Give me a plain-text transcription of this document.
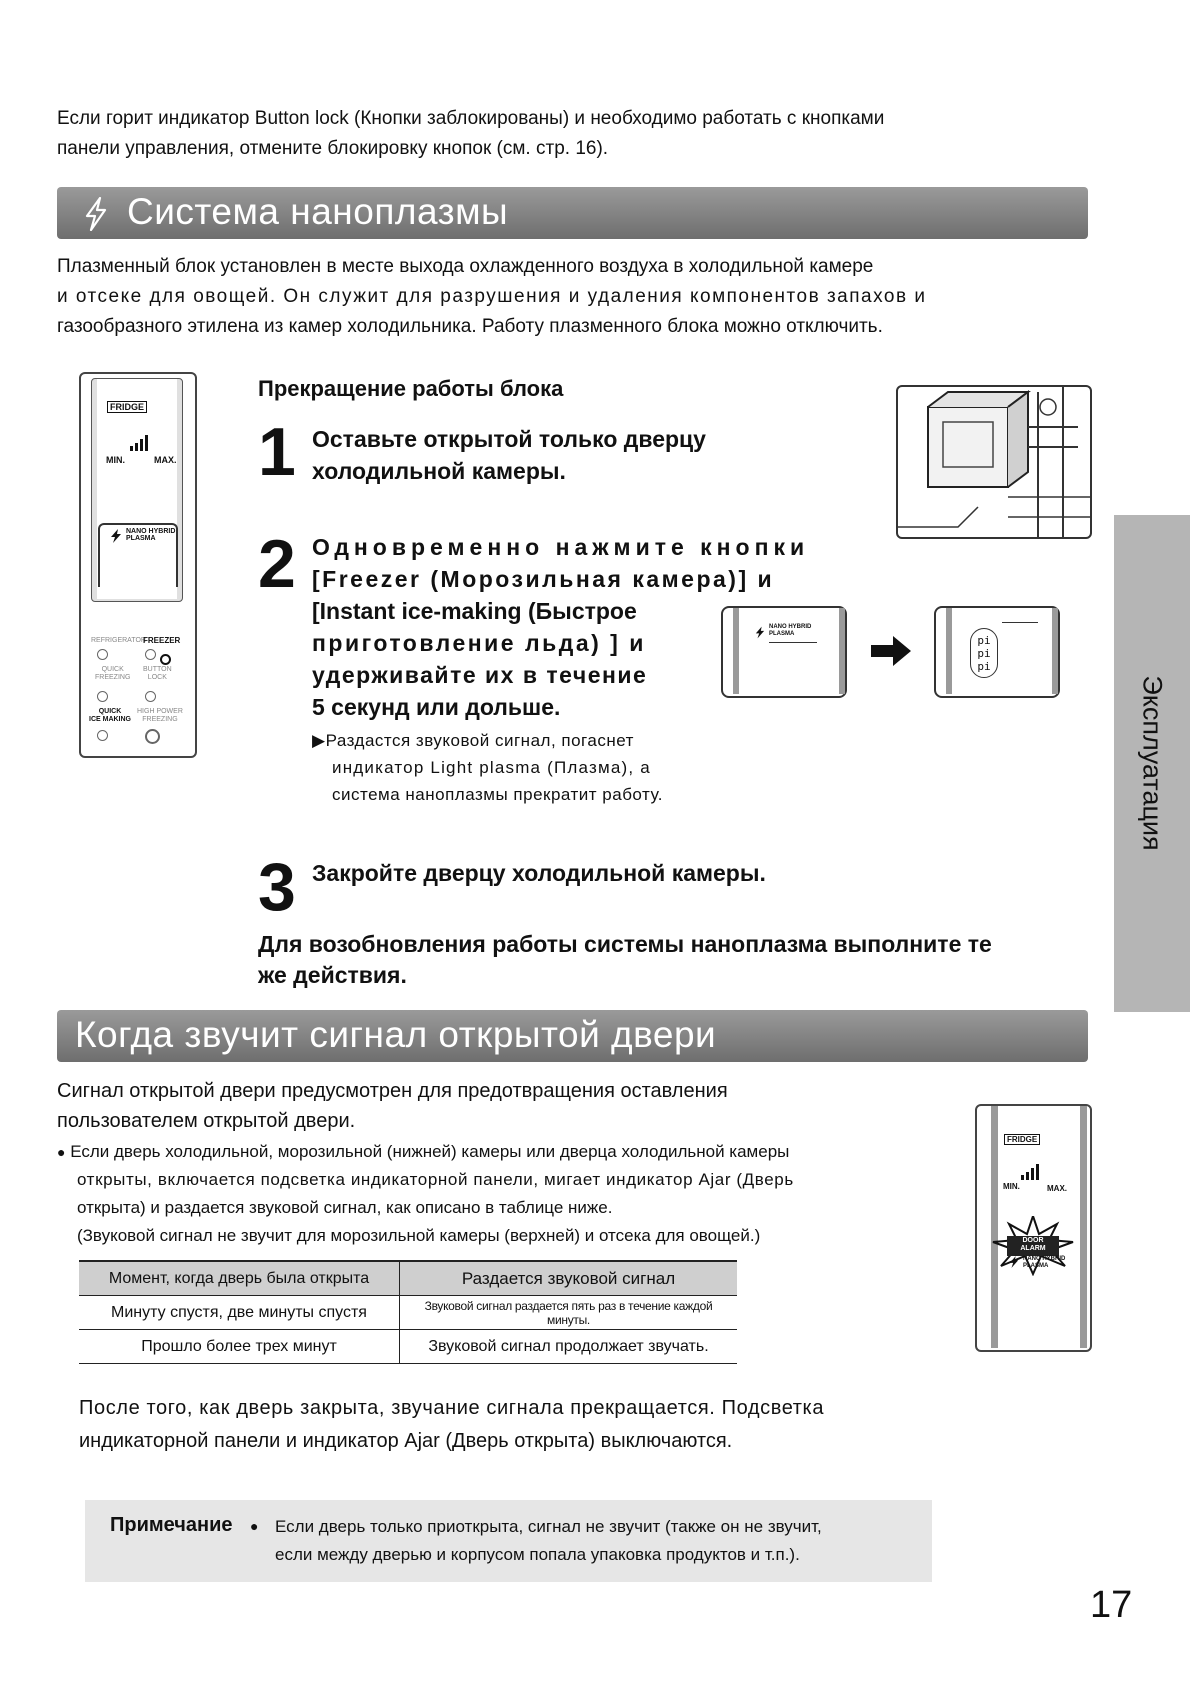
Если горит индикатор Button lock (Кнопки заблокированы) и необходимо работать с кнопками
панели управления, отмените блокировку кнопок (см. стр. 16).
Система наноплазмы
Плазменный блок установлен в месте выхода охлажденного воздуха в холодильной камере
и отсеке для овощей. Он служит для разрушения и удаления компонентов запахов и
газообразного этилена из камер холодильника. Работу плазменного блока можно отключить.
FRIDGE
MIN.	MAX.
NANO HYBRID
PLASMA
REFRIGERATOR
FREEZER
QUICK
FREEZING
BUTTON
LOCK
QUICK
ICE MAKING
HIGH POWER
FREEZING
Прекращение работы блока
1 Оставьте открытой только дверцу
холодильной камеры.
2 Одновременно нажмите кнопки
[Freezer (Морозильная камера)] и
[Instant ice-making (Быстрое
приготовление льда) ] и
удерживайте их в течение
5 секунд или дольше.
NANO HYBRID
PLASMA	pi
pi
pi
▶Раздастся звуковой сигнал, погаснет
индикатор Light plasma (Плазма), а
система наноплазмы прекратит работу.
3 Закройте дверцу холодильной камеры.
Для возобновления работы системы наноплазма выполните те
же действия.
Когда звучит сигнал открытой двери
Сигнал открытой двери предусмотрен для предотвращения оставления
пользователем открытой двери.
● Если дверь холодильной, морозильной (нижней) камеры или дверца холодильной камеры
открыты, включается подсветка индикаторной панели, мигает индикатор Ajar (Дверь
открыта) и раздается звуковой сигнал, как описано в таблице ниже.
(Звуковой сигнал не звучит для морозильной камеры (верхней) и отсека для овощей.)
FRIDGE
MIN.	MAX.
DOOR
ALARM
NANO HYBRID
PLASMA
Момент, когда дверь была открыта	Раздается звуковой сигнал
Минуту спустя, две минуты спустя	Звуковой сигнал раздается пять раз в течение каждой минуты.
Прошло более трех минут	Звуковой сигнал продолжает звучать.
После того, как дверь закрыта, звучание сигнала прекращается. Подсветка
индикаторной панели и индикатор Ajar (Дверь открыта) выключаются.
Примечание ● Если дверь только приоткрыта, сигнал не звучит (также он не звучит,
если между дверью и корпусом попала упаковка продуктов и т.п.).
Эксплуатация
17
